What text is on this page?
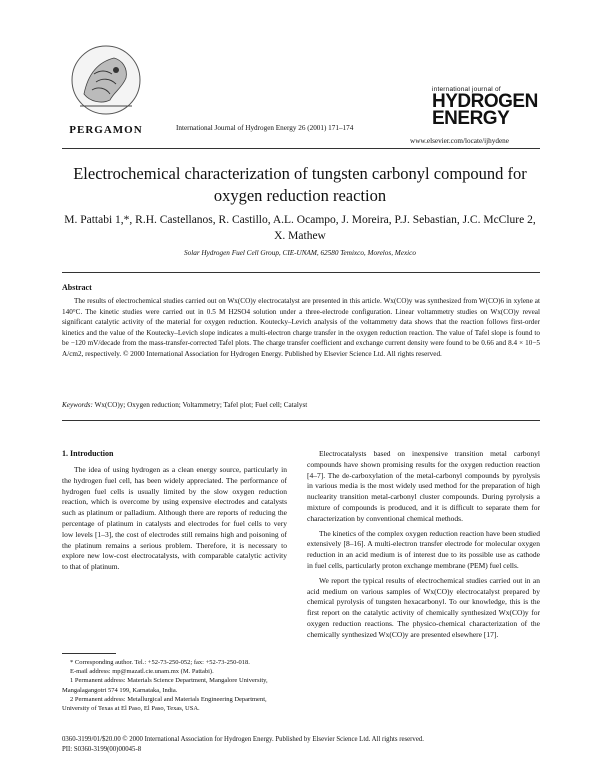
PERGAMON	International Journal of Hydrogen Energy 26 (2001) 171–174
international journal of
HYDROGEN
ENERGY
www.elsevier.com/locate/ijhydene
Electrochemical characterization of tungsten carbonyl compound for oxygen reduction reaction
M. Pattabi 1,*, R.H. Castellanos, R. Castillo, A.L. Ocampo, J. Moreira, P.J. Sebastian, J.C. McClure 2, X. Mathew
Solar Hydrogen Fuel Cell Group, CIE-UNAM, 62580 Temixco, Morelos, Mexico
Abstract

The results of electrochemical studies carried out on Wx(CO)y electrocatalyst are presented in this article. Wx(CO)y was synthesized from W(CO)6 in xylene at 140°C. The kinetic studies were carried out in 0.5 M H2SO4 solution under a three-electrode configuration. Linear voltammetry studies on Wx(CO)y reveal significant catalytic activity of the material for oxygen reduction. Koutecky–Levich analysis of the voltammetry data shows that the reaction follows first-order kinetics and the value of the Koutecky–Levich slope indicates a multi-electron charge transfer in the oxygen reduction reaction. The value of Tafel slope is found to be −120 mV/decade from the mass-transfer-corrected Tafel plots. The charge transfer coefficient and exchange current density were found to be 0.66 and 8.4 × 10−5 A/cm2, respectively. © 2000 International Association for Hydrogen Energy. Published by Elsevier Science Ltd. All rights reserved.

Keywords: Wx(CO)y; Oxygen reduction; Voltammetry; Tafel plot; Fuel cell; Catalyst
1. Introduction

The idea of using hydrogen as a clean energy source, particularly in the hydrogen fuel cell, has been widely appreciated. The performance of hydrogen fuel cells is usually limited by the slow oxygen reduction reaction, which is overcome by using expensive electrodes and catalysts such as platinum or palladium. Although there are reports of reducing the percentage of platinum in catalysts and electrodes for fuel cells to very low levels [1–3], the cost of electrodes still remains high and poisoning of the platinum remains a serious problem. Therefore, it is necessary to explore new low-cost electrocatalysts, with comparable catalytic activity to that of platinum.

Electrocatalysts based on inexpensive transition metal carbonyl compounds have shown promising results for the oxygen reduction reaction [4–7]. The de-carboxylation of the metal-carbonyl compounds by pyrolysis in various media is the most widely used method for the preparation of high nuclearity transition metal-carbonyl cluster compounds. During pyrolysis a mixture of compounds is produced, and it is difficult to separate them for characterization by conventional chemical methods.

The kinetics of the complex oxygen reduction reaction have been studied extensively [8–16]. A multi-electron transfer electrode for molecular oxygen reduction in an acid medium is of interest due to its possible use as cathode in fuel cells, particularly proton exchange membrane (PEM) fuel cells.

We report the typical results of electrochemical studies carried out in an acid medium on various samples of Wx(CO)y electrocatalyst prepared by chemical pyrolysis of tungsten hexacarbonyl. To our knowledge, this is the first report on the catalytic activity of chemically synthesized Wx(CO)y for oxygen reduction reactions. The physico-chemical characterization of the chemically synthesized Wx(CO)y are presented elsewhere [17].

* Corresponding author. Tel.: +52-73-250-052; fax: +52-73-250-018.
E-mail address: mp@mazatl.cie.unam.mx (M. Pattabi).
1 Permanent address: Materials Science Department, Mangalore University, Mangalagangotri 574 199, Karnataka, India.
2 Permanent address: Metallurgical and Materials Engineering Department, University of Texas at El Paso, El Paso, Texas, USA.
0360-3199/01/$20.00 © 2000 International Association for Hydrogen Energy. Published by Elsevier Science Ltd. All rights reserved.
PII: S0360-3199(00)00045-8
